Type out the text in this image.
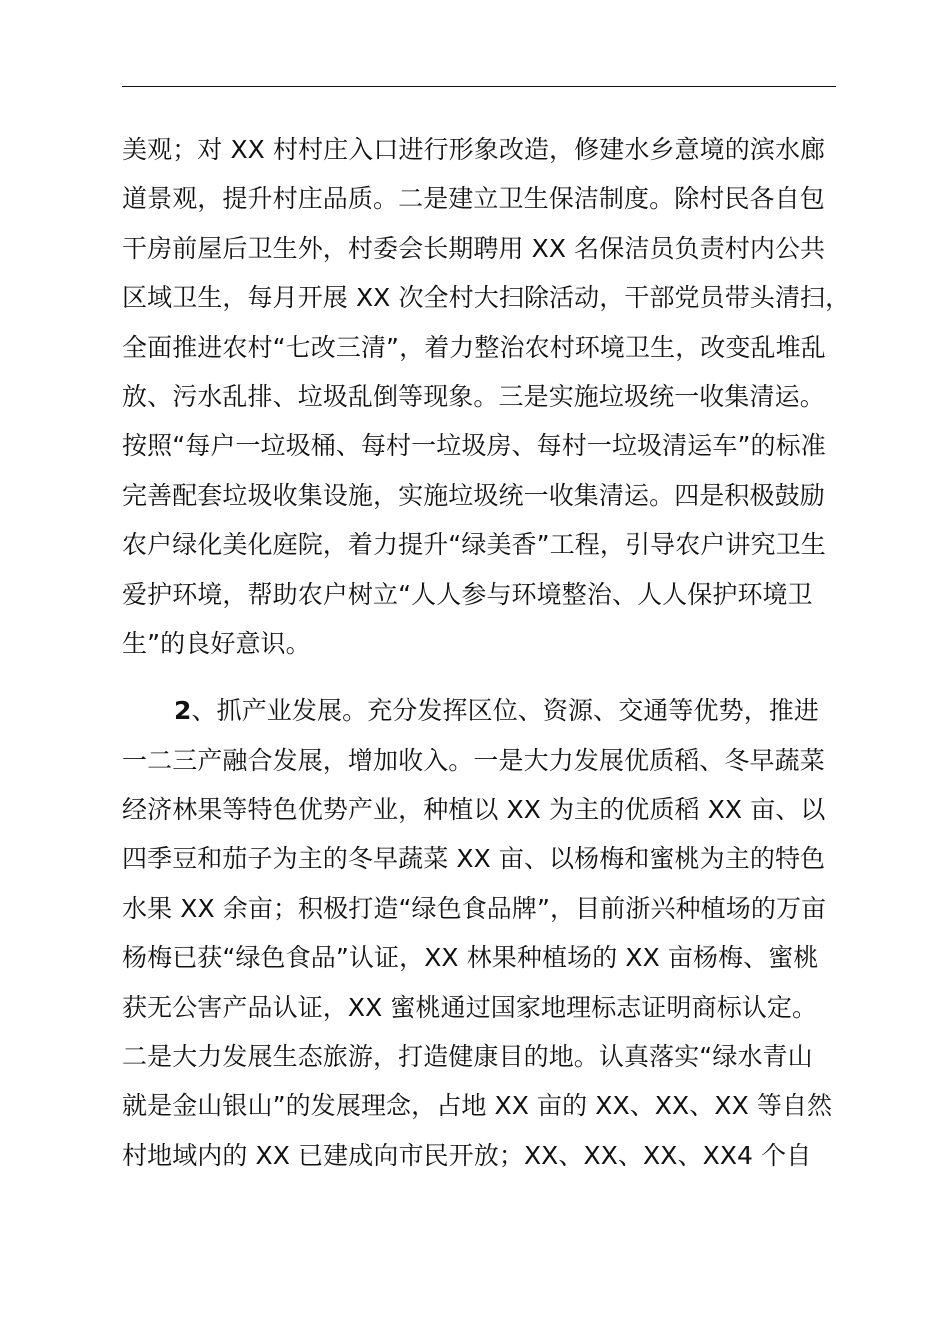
美观；对 XX 村村庄入口进行形象改造，修建水乡意境的滨水廊
道景观，提升村庄品质。二是建立卫生保洁制度。除村民各自包
干房前屋后卫生外，村委会长期聘用 XX 名保洁员负责村内公共
区域卫生，每月开展 XX 次全村大扫除活动，干部党员带头清扫，
全面推进农村“七改三清”，着力整治农村环境卫生，改变乱堆乱
放、污水乱排、垃圾乱倒等现象。三是实施垃圾统一收集清运。
按照“每户一垃圾桶、每村一垃圾房、每村一垃圾清运车”的标准
完善配套垃圾收集设施，实施垃圾统一收集清运。四是积极鼓励
农户绿化美化庭院，着力提升“绿美香”工程，引导农户讲究卫生
爱护环境，帮助农户树立“人人参与环境整治、人人保护环境卫
生”的良好意识。
2、抓产业发展。充分发挥区位、资源、交通等优势，推进
一二三产融合发展，增加收入。一是大力发展优质稻、冬早蔬菜
经济林果等特色优势产业，种植以 XX 为主的优质稻 XX 亩、以
四季豆和茄子为主的冬早蔬菜 XX 亩、以杨梅和蜜桃为主的特色
水果 XX 余亩；积极打造“绿色食品牌”，目前浙兴种植场的万亩
杨梅已获“绿色食品”认证，XX 林果种植场的 XX 亩杨梅、蜜桃
获无公害产品认证，XX 蜜桃通过国家地理标志证明商标认定。
二是大力发展生态旅游，打造健康目的地。认真落实“绿水青山
就是金山银山”的发展理念，占地 XX 亩的 XX、XX、XX 等自然
村地域内的 XX 已建成向市民开放；XX、XX、XX、XX4 个自
